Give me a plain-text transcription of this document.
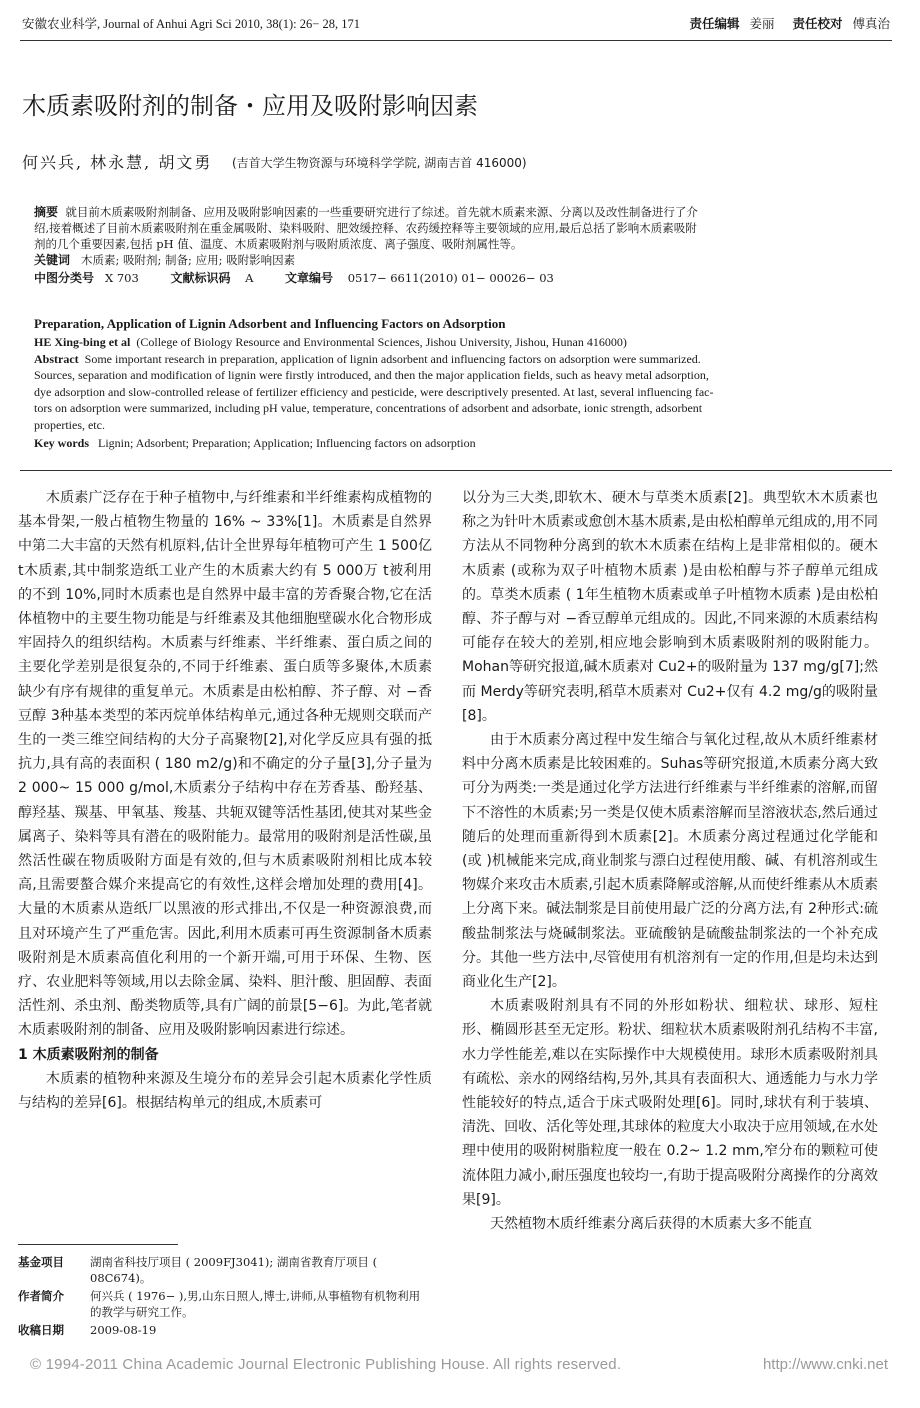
安徽农业科学, Journal of Anhui Agri Sci 2010, 38(1): 26− 28, 171	责任编辑 姜丽 责任校对 傅真治
木质素吸附剂的制备・应用及吸附影响因素
何兴兵, 林永慧, 胡文勇 (吉首大学生物资源与环境科学学院, 湖南吉首 416000)
摘要 就目前木质素吸附剂制备、应用及吸附影响因素的一些重要研究进行了综述。首先就木质素来源、分离以及改性制备进行了介
绍,接着概述了目前木质素吸附剂在重金属吸附、染料吸附、肥效缓控释、农药缓控释等主要领域的应用,最后总括了影响木质素吸附
剂的几个重要因素,包括 pH 值、温度、木质素吸附剂与吸附质浓度、离子强度、吸附剂属性等。
关键词 木质素; 吸附剂; 制备; 应用; 吸附影响因素
中图分类号 X 703	文献标识码 A	文章编号 0517− 6611(2010) 01− 00026− 03
Preparation, Application of Lignin Adsorbent and Influencing Factors on Adsorption
HE Xing-bing et al (College of Biology Resource and Environmental Sciences, Jishou University, Jishou, Hunan 416000)
Abstract Some important research in preparation, application of lignin adsorbent and influencing factors on adsorption were summarized.
Sources, separation and modification of lignin were firstly introduced, and then the major application fields, such as heavy metal adsorption,
dye adsorption and slow-controlled release of fertilizer efficiency and pesticide, were descriptively presented. At last, several influencing fac-
tors on adsorption were summarized, including pH value, temperature, concentrations of adsorbent and adsorbate, ionic strength, adsorbent
properties, etc.
Key words Lignin; Adsorbent; Preparation; Application; Influencing factors on adsorption

木质素广泛存在于种子植物中,与纤维素和半纤维素构成植物的基本骨架,一般占植物生物量的 16% ~ 33%[1]。木质素是自然界中第二大丰富的天然有机原料,估计全世界每年植物可产生 1 500亿 t木质素,其中制浆造纸工业产生的木质素大约有 5 000万 t被利用的不到 10%,同时木质素也是自然界中最丰富的芳香聚合物,它在活体植物中的主要生物功能是与纤维素及其他细胞壁碳水化合物形成牢固持久的组织结构。木质素与纤维素、半纤维素、蛋白质之间的主要化学差别是很复杂的,不同于纤维素、蛋白质等多聚体,木质素缺少有序有规律的重复单元。木质素是由松柏醇、芥子醇、对 −香豆醇 3种基本类型的苯丙烷单体结构单元,通过各种无规则交联而产生的一类三维空间结构的大分子高聚物[2],对化学反应具有强的抵抗力,具有高的表面积 ( 180 m2/g)和不确定的分子量[3],分子量为 2 000~ 15 000 g/mol,木质素分子结构中存在芳香基、酚羟基、醇羟基、羰基、甲氧基、羧基、共轭双键等活性基团,使其对某些金属离子、染料等具有潜在的吸附能力。最常用的吸附剂是活性碳,虽然活性碳在物质吸附方面是有效的,但与木质素吸附剂相比成本较高,且需要螯合媒介来提高它的有效性,这样会增加处理的费用[4]。大量的木质素从造纸厂以黑液的形式排出,不仅是一种资源浪费,而且对环境产生了严重危害。因此,利用木质素可再生资源制备木质素吸附剂是木质素高值化利用的一个新开端,可用于环保、生物、医疗、农业肥料等领域,用以去除金属、染料、胆汁酸、胆固醇、表面活性剂、杀虫剂、酚类物质等,具有广阔的前景[5−6]。为此,笔者就木质素吸附剂的制备、应用及吸附影响因素进行综述。

1 木质素吸附剂的制备

木质素的植物种来源及生境分布的差异会引起木质素化学性质与结构的差异[6]。根据结构单元的组成,木质素可

以分为三大类,即软木、硬木与草类木质素[2]。典型软木木质素也称之为针叶木质素或愈创木基木质素,是由松柏醇单元组成的,用不同方法从不同物种分离到的软木木质素在结构上是非常相似的。硬木木质素 (或称为双子叶植物木质素 )是由松柏醇与芥子醇单元组成的。草类木质素 ( 1年生植物木质素或单子叶植物木质素 )是由松柏醇、芥子醇与对 −香豆醇单元组成的。因此,不同来源的木质素结构可能存在较大的差别,相应地会影响到木质素吸附剂的吸附能力。Mohan等研究报道,碱木质素对 Cu2+的吸附量为 137 mg/g[7];然而 Merdy等研究表明,稻草木质素对 Cu2+仅有 4.2 mg/g的吸附量[8]。

由于木质素分离过程中发生缩合与氧化过程,故从木质纤维素材料中分离木质素是比较困难的。Suhas等研究报道,木质素分离大致可分为两类:一类是通过化学方法进行纤维素与半纤维素的溶解,而留下不溶性的木质素;另一类是仅使木质素溶解而呈溶液状态,然后通过随后的处理而重新得到木质素[2]。木质素分离过程通过化学能和 (或 )机械能来完成,商业制浆与漂白过程使用酸、碱、有机溶剂或生物媒介来攻击木质素,引起木质素降解或溶解,从而使纤维素从木质素上分离下来。碱法制浆是目前使用最广泛的分离方法,有 2种形式:硫酸盐制浆法与烧碱制浆法。亚硫酸钠是硫酸盐制浆法的一个补充成分。其他一些方法中,尽管使用有机溶剂有一定的作用,但是均未达到商业化生产[2]。

木质素吸附剂具有不同的外形如粉状、细粒状、球形、短柱形、椭圆形甚至无定形。粉状、细粒状木质素吸附剂孔结构不丰富,水力学性能差,难以在实际操作中大规模使用。球形木质素吸附剂具有疏松、亲水的网络结构,另外,其具有表面积大、通透能力与水力学性能较好的特点,适合于床式吸附处理[6]。同时,球状有利于装填、清洗、回收、活化等处理,其球体的粒度大小取决于应用领域,在水处理中使用的吸附树脂粒度一般在 0.2~ 1.2 mm,窄分布的颗粒可使流体阻力减小,耐压强度也较均一,有助于提高吸附分离操作的分离效果[9]。

天然植物木质纤维素分离后获得的木质素大多不能直

基金项目 湖南省科技厅项目 ( 2009FJ3041); 湖南省教育厅项目 ( 08C674)。
作者简介 何兴兵 ( 1976− ),男,山东日照人,博士,讲师,从事植物有机物利用的教学与研究工作。
收稿日期 2009-08-19
© 1994-2011 China Academic Journal Electronic Publishing House. All rights reserved.	http://www.cnki.net
